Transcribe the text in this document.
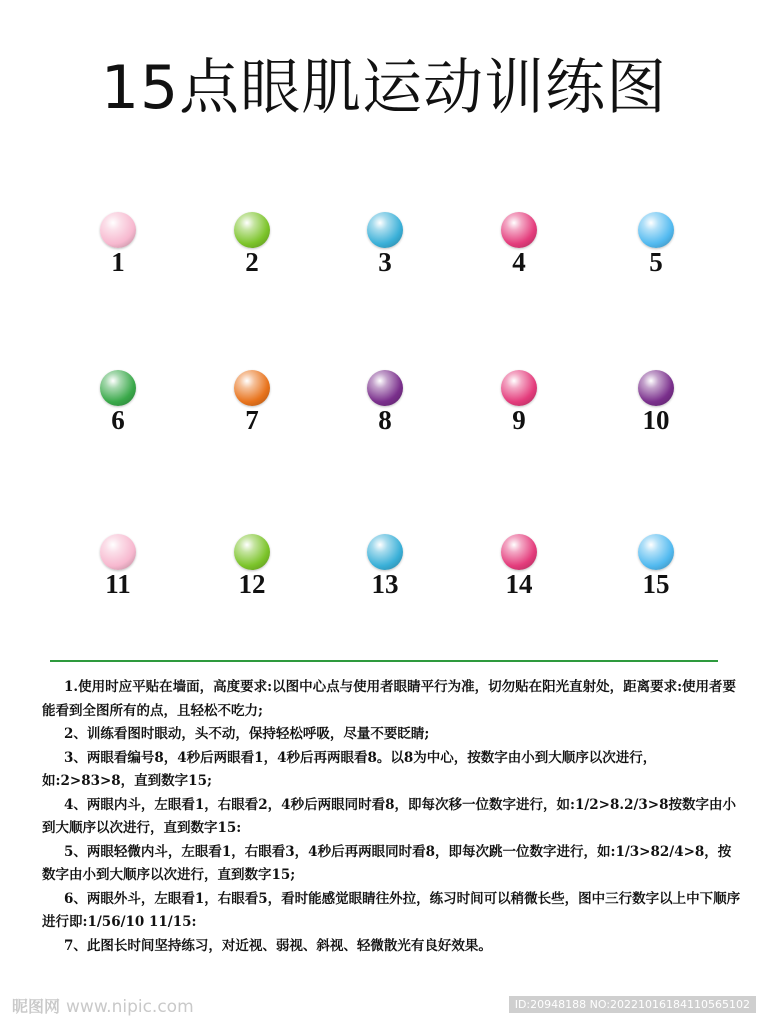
15点眼肌运动训练图
1	2	3	4	5
6	7	8	9	10
11	12	13	14	15

1.使用时应平贴在墙面，高度要求:以图中心点与使用者眼睛平行为准，切勿贴在阳光直射处，距离要求:使用者要能看到全图所有的点，且轻松不吃力;

2、训练看图时眼动，头不动，保持轻松呼吸，尽量不要眨睛;

3、两眼看编号8，4秒后两眼看1，4秒后再两眼看8。以8为中心，按数字由小到大顺序以次进行，如:2>83>8，直到数字15;

4、两眼内斗，左眼看1，右眼看2，4秒后两眼同时看8，即每次移一位数字进行，如:1/2>8.2/3>8按数字由小到大顺序以次进行，直到数字15:

5、两眼轻微内斗，左眼看1，右眼看3，4秒后再两眼同时看8，即每次跳一位数字进行，如:1/3>82/4>8，按数字由小到大顺序以次进行，直到数字15;

6、两眼外斗，左眼看1，右眼看5，看时能感觉眼睛往外拉，练习时间可以稍微长些，图中三行数字以上中下顺序进行即:1/56/10 11/15:

7、此图长时间坚持练习，对近视、弱视、斜视、轻微散光有良好效果。

昵图网 www.nipic.com	ID:20948188 NO:20221016184110565102
